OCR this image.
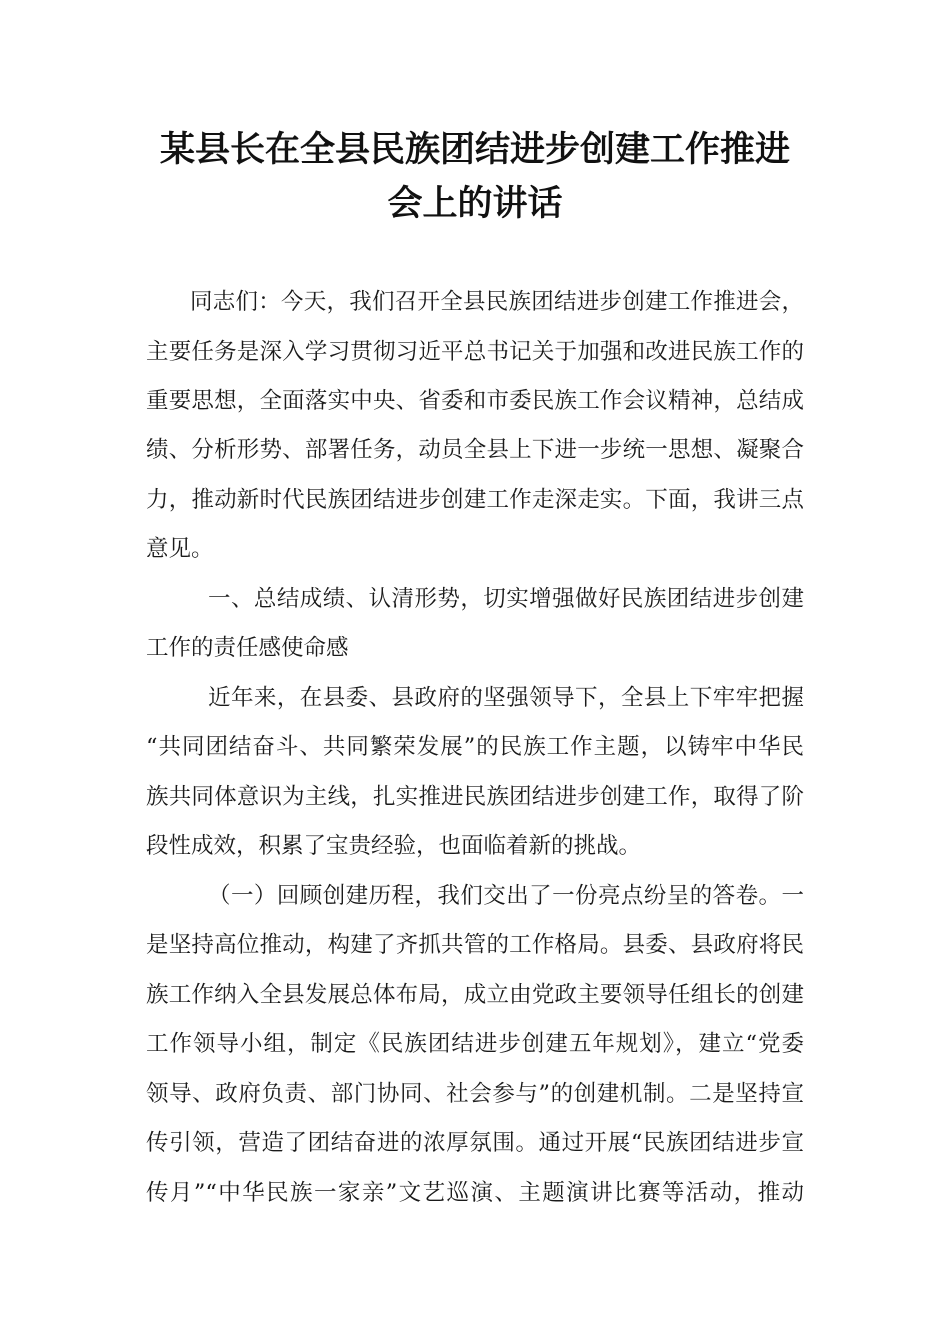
某县长在全县民族团结进步创建工作推进
会上的讲话
同志们：今天，我们召开全县民族团结进步创建工作推进会，
主要任务是深入学习贯彻习近平总书记关于加强和改进民族工作的
重要思想，全面落实中央、省委和市委民族工作会议精神，总结成
绩、分析形势、部署任务，动员全县上下进一步统一思想、凝聚合
力，推动新时代民族团结进步创建工作走深走实。下面，我讲三点
意见。
一、总结成绩、认清形势，切实增强做好民族团结进步创建
工作的责任感使命感
近年来，在县委、县政府的坚强领导下，全县上下牢牢把握
“共同团结奋斗、共同繁荣发展”的民族工作主题，以铸牢中华民
族共同体意识为主线，扎实推进民族团结进步创建工作，取得了阶
段性成效，积累了宝贵经验，也面临着新的挑战。
（一）回顾创建历程，我们交出了一份亮点纷呈的答卷。一
是坚持高位推动，构建了齐抓共管的工作格局。县委、县政府将民
族工作纳入全县发展总体布局，成立由党政主要领导任组长的创建
工作领导小组，制定《民族团结进步创建五年规划》，建立“党委
领导、政府负责、部门协同、社会参与”的创建机制。二是坚持宣
传引领，营造了团结奋进的浓厚氛围。通过开展“民族团结进步宣
传月”“中华民族一家亲”文艺巡演、主题演讲比赛等活动，推动
